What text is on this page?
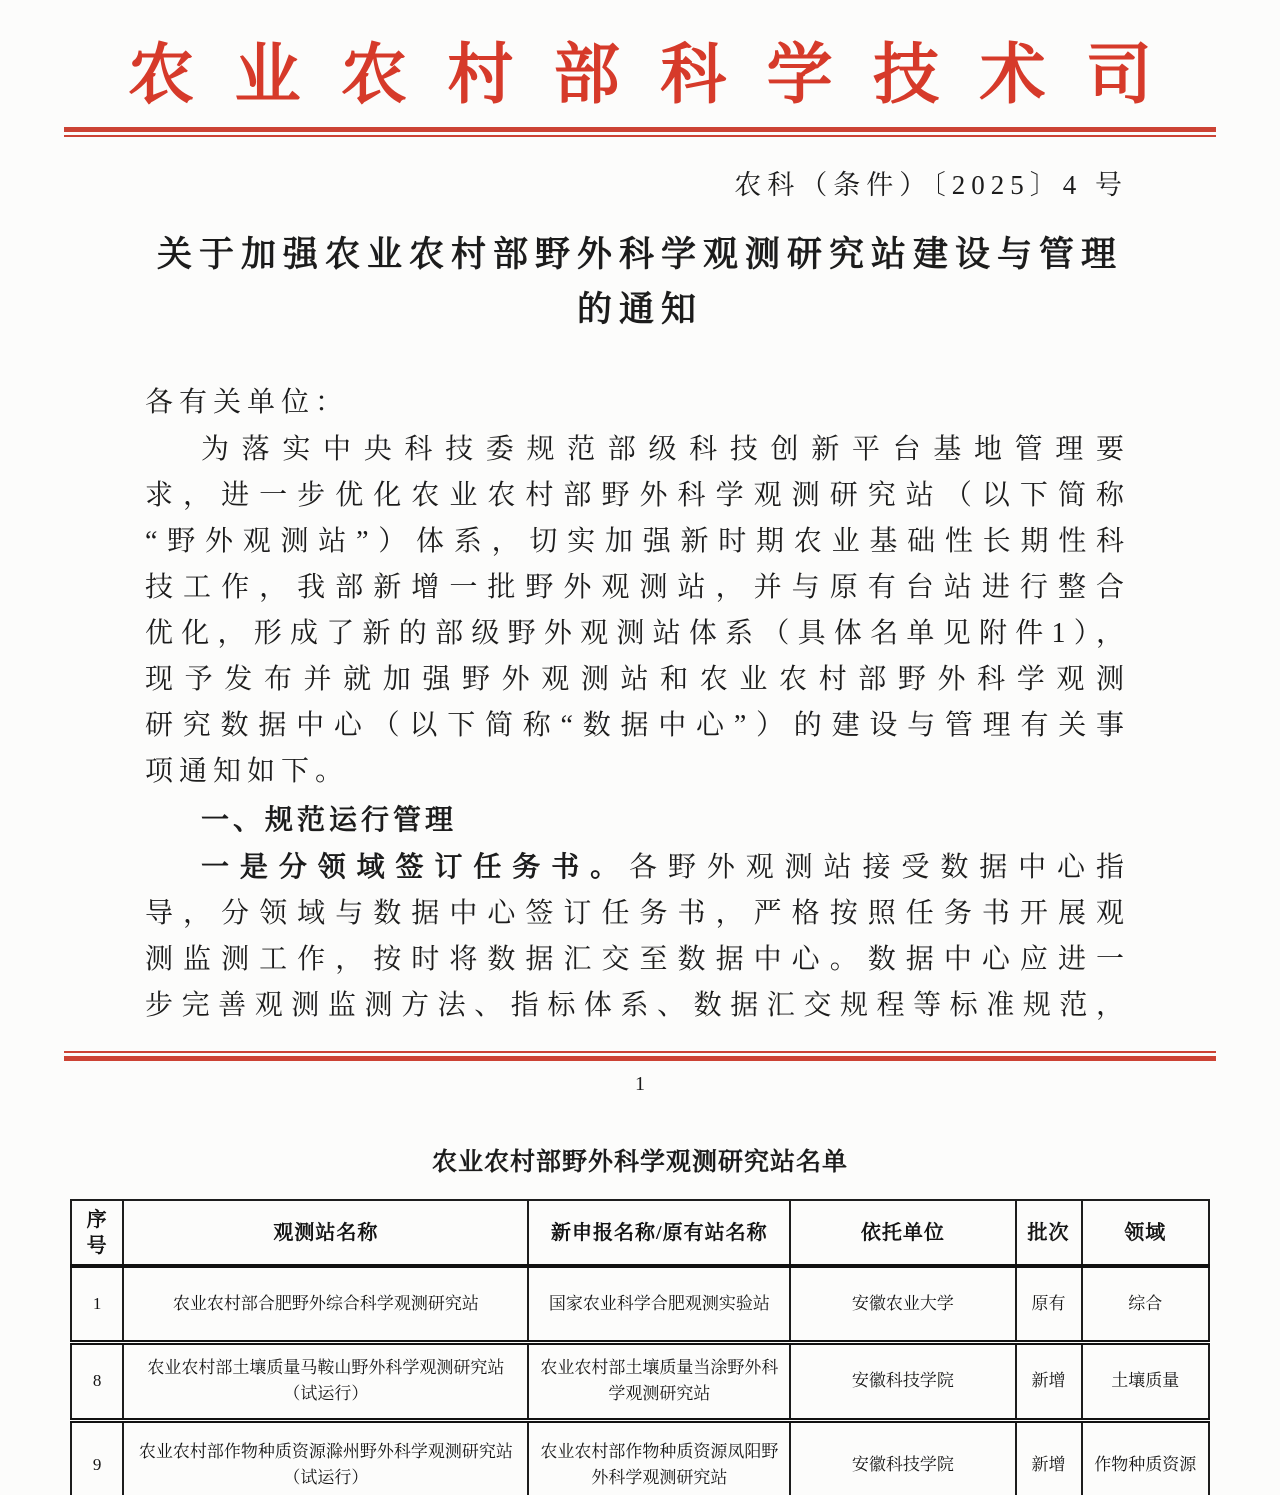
农业农村部科学技术司
农科（条件）〔2025〕4 号
关于加强农业农村部野外科学观测研究站建设与管理
的通知
各有关单位：
为落实中央科技委规范部级科技创新平台基地管理要
求，进一步优化农业农村部野外科学观测研究站（以下简称
“野外观测站”）体系，切实加强新时期农业基础性长期性科
技工作，我部新增一批野外观测站，并与原有台站进行整合
优化，形成了新的部级野外观测站体系（具体名单见附件1），
现予发布并就加强野外观测站和农业农村部野外科学观测
研究数据中心（以下简称“数据中心”）的建设与管理有关事
项通知如下。
一、规范运行管理
一是分领域签订任务书。各野外观测站接受数据中心指
导，分领域与数据中心签订任务书，严格按照任务书开展观
测监测工作，按时将数据汇交至数据中心。数据中心应进一
步完善观测监测方法、指标体系、数据汇交规程等标准规范，
1
农业农村部野外科学观测研究站名单
序号	观测站名称	新申报名称/原有站名称	依托单位	批次	领域
1	农业农村部合肥野外综合科学观测研究站	国家农业科学合肥观测实验站	安徽农业大学	原有	综合
8	农业农村部土壤质量马鞍山野外科学观测研究站
（试运行）	农业农村部土壤质量当涂野外科学观测研究站	安徽科技学院	新增	土壤质量
9	农业农村部作物种质资源滁州野外科学观测研究站
（试运行）	农业农村部作物种质资源凤阳野外科学观测研究站	安徽科技学院	新增	作物种质资源
